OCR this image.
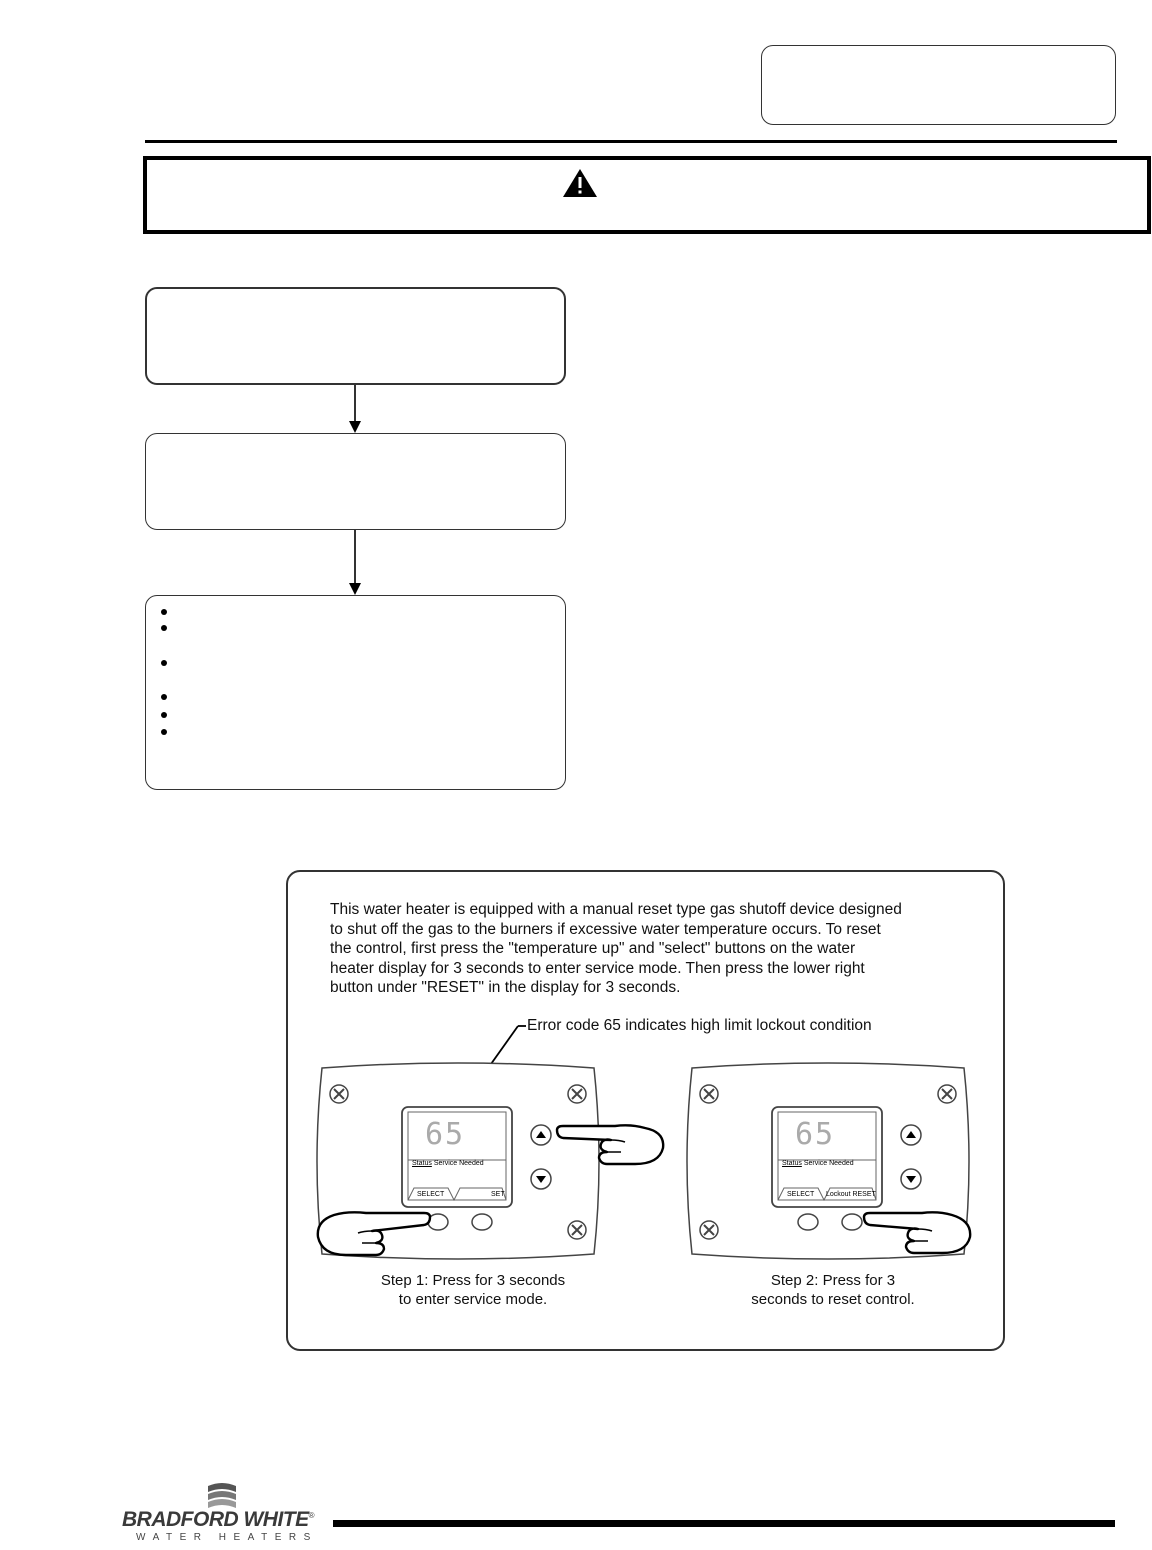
This water heater is equipped with a manual reset type gas shutoff device designed
to shut off the gas to the burners if excessive water temperature occurs. To reset
the control, first press the "temperature up" and "select" buttons on the water
heater display for 3 seconds to enter service mode. Then press the lower right
button under "RESET" in the display for 3 seconds.
Error code 65 indicates high limit lockout condition
65
Status Service Needed
SELECT	SET
Step 1: Press for 3 seconds
to enter service mode.
65
Status Service Needed
SELECT Lockout RESET
Step 2: Press for 3
seconds to reset control.
BRADFORD WHITE®
WATER HEATERS
